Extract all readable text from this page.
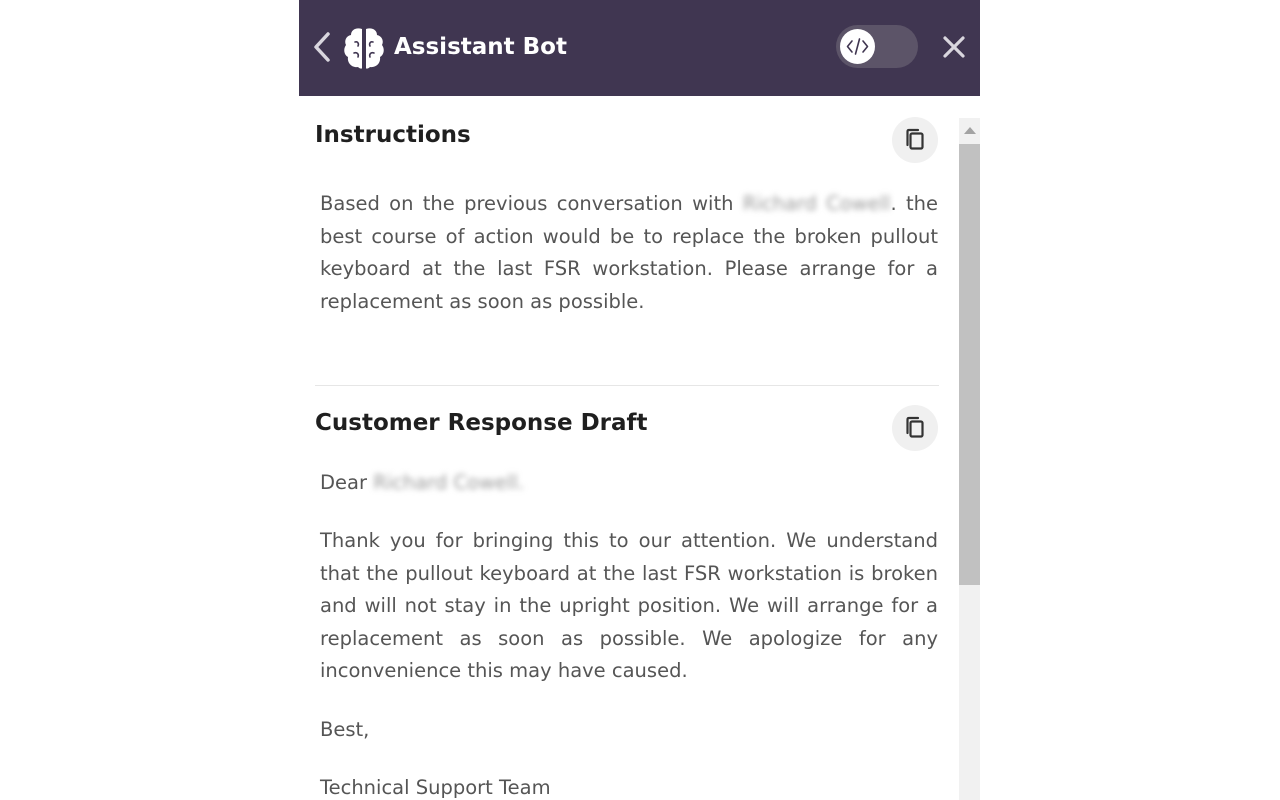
Assistant Bot
Instructions

Based on the previous conversation with Richard Cowell. the best course of action would be to replace the broken pullout keyboard at the last FSR workstation. Please arrange for a replacement as soon as possible.

Customer Response Draft
Dear Richard Cowell.

Thank you for bringing this to our attention. We understand that the pullout keyboard at the last FSR workstation is broken and will not stay in the upright position. We will arrange for a replacement as soon as possible. We apologize for any inconvenience this may have caused.

Best,
Technical Support Team
